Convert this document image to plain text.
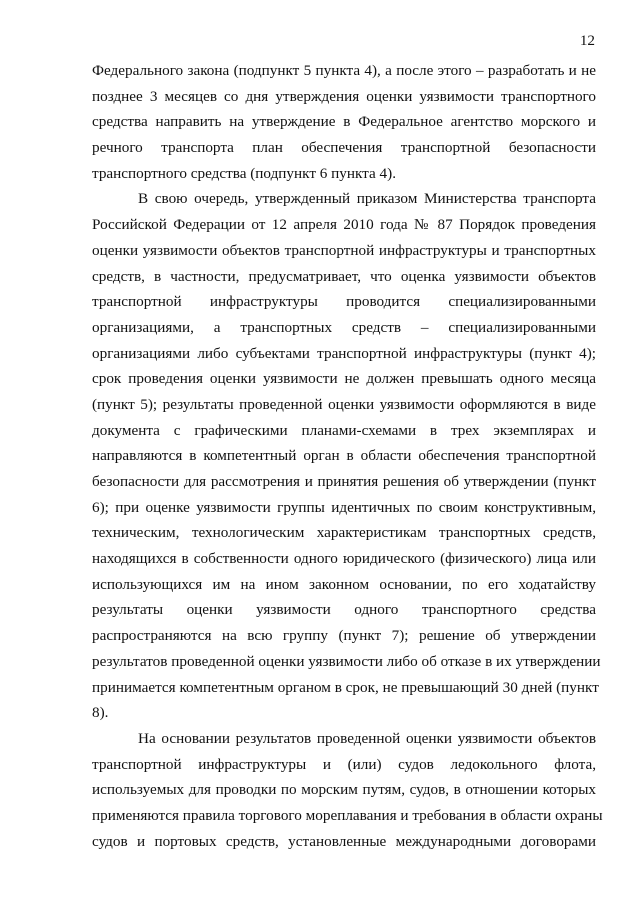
12
Федерального закона (подпункт 5 пункта 4), а после этого – разработать и не
позднее 3 месяцев со дня утверждения оценки уязвимости транспортного
средства направить на утверждение в Федеральное агентство морского и
речного транспорта план обеспечения транспортной безопасности
транспортного средства (подпункт 6 пункта 4).
В свою очередь, утвержденный приказом Министерства транспорта
Российской Федерации от 12 апреля 2010 года № 87 Порядок проведения
оценки уязвимости объектов транспортной инфраструктуры и транспортных
средств, в частности, предусматривает, что оценка уязвимости объектов
транспортной инфраструктуры проводится специализированными
организациями, а транспортных средств – специализированными
организациями либо субъектами транспортной инфраструктуры (пункт 4);
срок проведения оценки уязвимости не должен превышать одного месяца
(пункт 5); результаты проведенной оценки уязвимости оформляются в виде
документа с графическими планами-схемами в трех экземплярах и
направляются в компетентный орган в области обеспечения транспортной
безопасности для рассмотрения и принятия решения об утверждении (пункт
6); при оценке уязвимости группы идентичных по своим конструктивным,
техническим, технологическим характеристикам транспортных средств,
находящихся в собственности одного юридического (физического) лица или
использующихся им на ином законном основании, по его ходатайству
результаты оценки уязвимости одного транспортного средства
распространяются на всю группу (пункт 7); решение об утверждении
результатов проведенной оценки уязвимости либо об отказе в их утверждении
принимается компетентным органом в срок, не превышающий 30 дней (пункт
8).
На основании результатов проведенной оценки уязвимости объектов
транспортной инфраструктуры и (или) судов ледокольного флота,
используемых для проводки по морским путям, судов, в отношении которых
применяются правила торгового мореплавания и требования в области охраны
судов и портовых средств, установленные международными договорами
